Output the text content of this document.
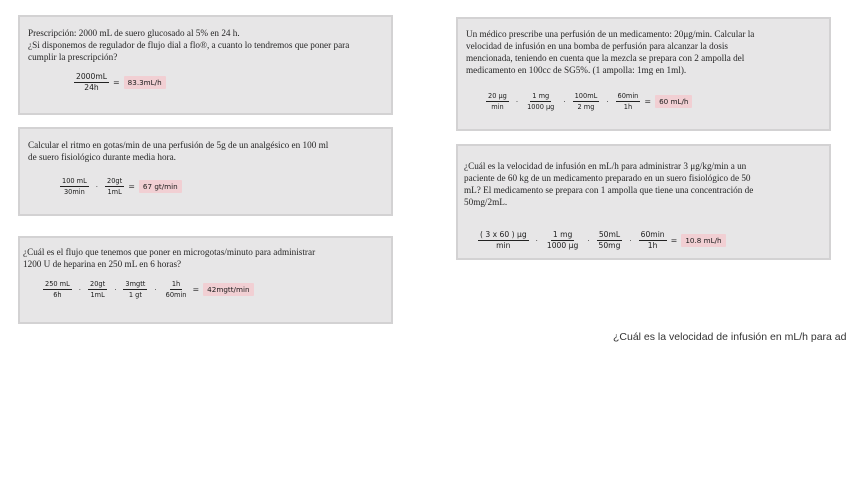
Prescripción: 2000 mL de suero glucosado al 5% en 24 h.
¿Si disponemos de regulador de flujo dial a flo®, a cuanto lo tendremos que poner para
cumplir la prescripción?
$\frac{2000mL}{24h}$ =	83.3mL/h
Calcular el ritmo en gotas/min de una perfusión de 5g de un analgésico en 100 ml
de suero fisiológico durante media hora.
$\frac{100 mL}{30\min} \cdot \frac{20gt}{1mL}$ =	67 gt/min
¿Cuál es el flujo que tenemos que poner en microgotas/minuto para administrar
1200 U de heparina en 250 mL en 6 horas?
$\frac{250 mL}{6h} \cdot \frac{20gt}{1mL} \cdot \frac{\text{3mgtt}}{1 gt} \cdot \frac{1h}{60\min}$ =	42mgtt/min
Un médico prescribe una perfusión de un medicamento: 20μg/min. Calcular la
velocidad de infusión en una bomba de perfusión para alcanzar la dosis
mencionada, teniendo en cuenta que la mezcla se prepara con 2 ampolla del
medicamento en 100cc de SG5%. (1 ampolla: 1mg en 1ml).
$\frac{20 \mu g}{\min} \cdot \frac{1 mg}{1000 \mu g} \cdot \frac{100mL}{2 mg} \cdot \frac{60\min}{1h}$ =	60 mL/h
¿Cuál es la velocidad de infusión en mL/h para administrar 3 μg/kg/min a un
paciente de 60 kg de un medicamento preparado en un suero fisiológico de 50
mL? El medicamento se prepara con 1 ampolla que tiene una concentración de
50mg/2mL.
$\frac{( 3 x 60 ) \mu g}{\min} \cdot \frac{1 mg}{1000 \mu g} \cdot \frac{50mL}{50mg} \cdot \frac{60\min}{1h}$ =	10.8 mL/h
¿Cuál es la velocidad de infusión en mL/h para ad
